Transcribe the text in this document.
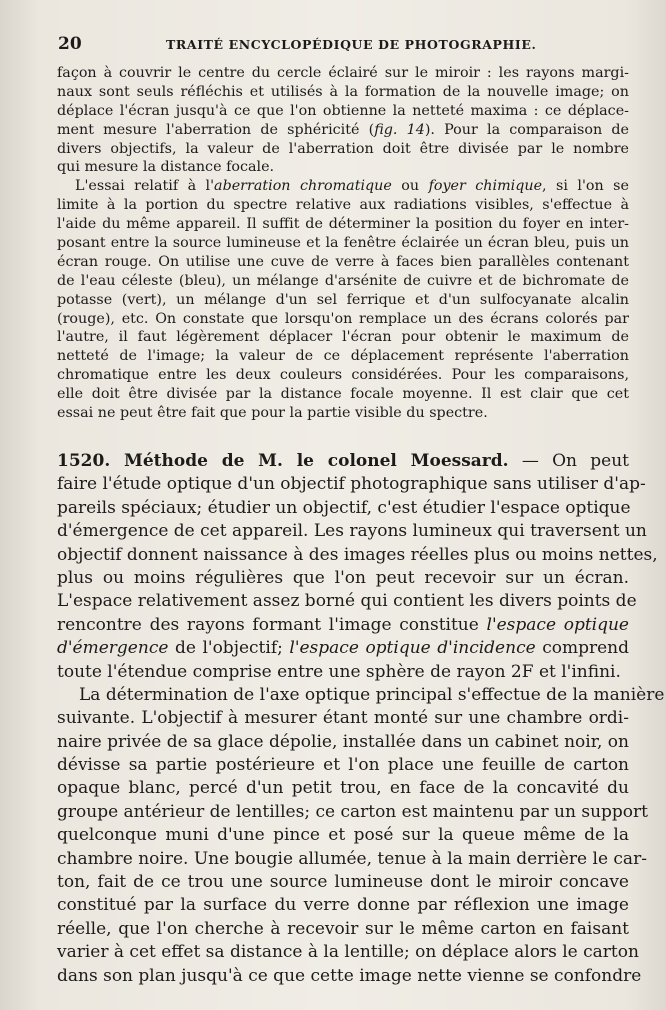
20	TRAITÉ ENCYCLOPÉDIQUE DE PHOTOGRAPHIE.
façon à couvrir le centre du cercle éclairé sur le miroir : les rayons margi-
naux sont seuls réfléchis et utilisés à la formation de la nouvelle image; on
déplace l'écran jusqu'à ce que l'on obtienne la netteté maxima : ce déplace-
ment mesure l'aberration de sphéricité (fig. 14). Pour la comparaison de
divers objectifs, la valeur de l'aberration doit être divisée par le nombre
qui mesure la distance focale.
L'essai relatif à l'aberration chromatique ou foyer chimique, si l'on se
limite à la portion du spectre relative aux radiations visibles, s'effectue à
l'aide du même appareil. Il suffit de déterminer la position du foyer en inter-
posant entre la source lumineuse et la fenêtre éclairée un écran bleu, puis un
écran rouge. On utilise une cuve de verre à faces bien parallèles contenant
de l'eau céleste (bleu), un mélange d'arsénite de cuivre et de bichromate de
potasse (vert), un mélange d'un sel ferrique et d'un sulfocyanate alcalin
(rouge), etc. On constate que lorsqu'on remplace un des écrans colorés par
l'autre, il faut légèrement déplacer l'écran pour obtenir le maximum de
netteté de l'image; la valeur de ce déplacement représente l'aberration
chromatique entre les deux couleurs considérées. Pour les comparaisons,
elle doit être divisée par la distance focale moyenne. Il est clair que cet
essai ne peut être fait que pour la partie visible du spectre.
1520. Méthode de M. le colonel Moessard. — On peut
faire l'étude optique d'un objectif photographique sans utiliser d'ap-
pareils spéciaux; étudier un objectif, c'est étudier l'espace optique
d'émergence de cet appareil. Les rayons lumineux qui traversent un
objectif donnent naissance à des images réelles plus ou moins nettes,
plus ou moins régulières que l'on peut recevoir sur un écran.
L'espace relativement assez borné qui contient les divers points de
rencontre des rayons formant l'image constitue l'espace optique
d'émergence de l'objectif; l'espace optique d'incidence comprend
toute l'étendue comprise entre une sphère de rayon 2F et l'infini.
La détermination de l'axe optique principal s'effectue de la manière
suivante. L'objectif à mesurer étant monté sur une chambre ordi-
naire privée de sa glace dépolie, installée dans un cabinet noir, on
dévisse sa partie postérieure et l'on place une feuille de carton
opaque blanc, percé d'un petit trou, en face de la concavité du
groupe antérieur de lentilles; ce carton est maintenu par un support
quelconque muni d'une pince et posé sur la queue même de la
chambre noire. Une bougie allumée, tenue à la main derrière le car-
ton, fait de ce trou une source lumineuse dont le miroir concave
constitué par la surface du verre donne par réflexion une image
réelle, que l'on cherche à recevoir sur le même carton en faisant
varier à cet effet sa distance à la lentille; on déplace alors le carton
dans son plan jusqu'à ce que cette image nette vienne se confondre
